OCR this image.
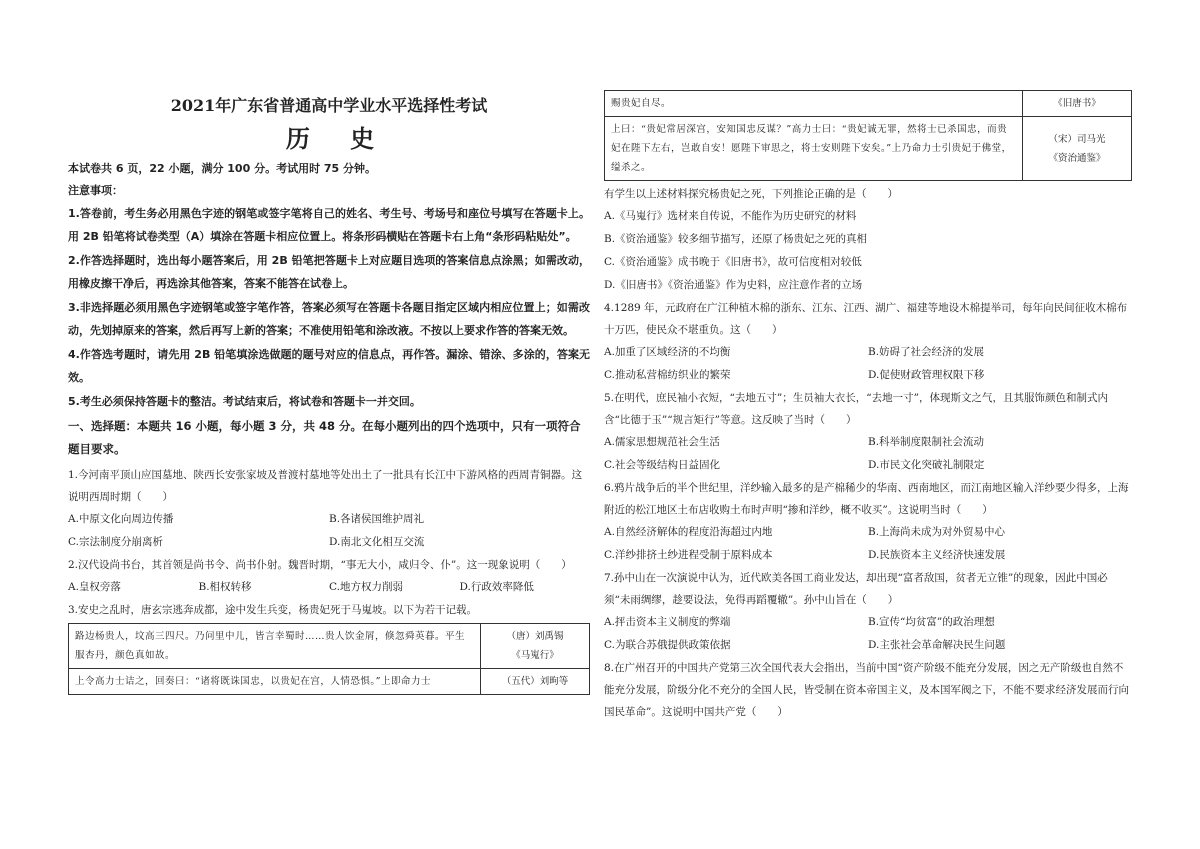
2021年广东省普通高中学业水平选择性考试
历 史

本试卷共 6 页，22 小题，满分 100 分。考试用时 75 分钟。

注意事项：

1.答卷前，考生务必用黑色字迹的钢笔或签字笔将自己的姓名、考生号、考场号和座位号填写在答题卡上。用 2B 铅笔将试卷类型（A）填涂在答题卡相应位置上。将条形码横贴在答题卡右上角“条形码粘贴处”。

2.作答选择题时，选出每小题答案后，用 2B 铅笔把答题卡上对应题目选项的答案信息点涂黑；如需改动，用橡皮擦干净后，再选涂其他答案，答案不能答在试卷上。

3.非选择题必须用黑色字迹钢笔或签字笔作答，答案必须写在答题卡各题目指定区域内相应位置上；如需改动，先划掉原来的答案，然后再写上新的答案；不准使用铅笔和涂改液。不按以上要求作答的答案无效。

4.作答选考题时，请先用 2B 铅笔填涂选做题的题号对应的信息点，再作答。漏涂、错涂、多涂的，答案无效。

5.考生必须保持答题卡的整洁。考试结束后，将试卷和答题卡一并交回。

一、选择题：本题共 16 小题，每小题 3 分，共 48 分。在每小题列出的四个选项中，只有一项符合题目要求。

1.今河南平顶山应国墓地、陕西长安张家坡及普渡村墓地等处出土了一批具有长江中下游风格的西周青铜器。这说明西周时期（　　）

A.中原文化向周边传播	B.各诸侯国维护周礼
C.宗法制度分崩离析	D.南北文化相互交流

2.汉代设尚书台，其首领是尚书令、尚书仆射。魏晋时期，“事无大小，咸归令、仆”。这一现象说明（　　）

A.皇权旁落	B.相权转移	C.地方权力削弱	D.行政效率降低

3.安史之乱时，唐玄宗逃奔成都，途中发生兵变，杨贵妃死于马嵬坡。以下为若干记载。

路边杨贵人，坟高三四尺。乃问里中儿，皆言幸蜀时……贵人饮金屑，倏忽舜英暮。平生服杏丹，颜色真如故。	（唐）刘禹锡
《马嵬行》

上令高力士诘之，回奏曰：“诸将既诛国忠，以贵妃在宫，人情恐惧。”上即命力士	（五代）刘昫等
赐贵妃自尽。	《旧唐书》

上曰：“贵妃常居深宫，安知国忠反谋？”高力士曰：“贵妃诚无罪，然将士已杀国忠，而贵妃在陛下左右，岂敢自安！愿陛下审思之，将士安则陛下安矣。”上乃命力士引贵妃于佛堂，缢杀之。	（宋）司马光
《资治通鉴》

有学生以上述材料探究杨贵妃之死，下列推论正确的是（　　）

A.《马嵬行》选材来自传说，不能作为历史研究的材料
B.《资治通鉴》较多细节描写，还原了杨贵妃之死的真相
C.《资治通鉴》成书晚于《旧唐书》，故可信度相对较低
D.《旧唐书》《资治通鉴》作为史料，应注意作者的立场

4.1289 年，元政府在广江种植木棉的浙东、江东、江西、湖广、福建等地设木棉提举司，每年向民间征收木棉布十万匹，使民众不堪重负。这（　　）

A.加重了区域经济的不均衡	B.妨碍了社会经济的发展
C.推动私营棉纺织业的繁荣	D.促使财政管理权限下移

5.在明代，庶民袖小衣短，“去地五寸”；生员袖大衣长，“去地一寸”，体现斯文之气，且其服饰颜色和制式内含“比德于玉”“规言矩行”等意。这反映了当时（　　）

A.儒家思想规范社会生活	B.科举制度限制社会流动
C.社会等级结构日益固化	D.市民文化突破礼制限定

6.鸦片战争后的半个世纪里，洋纱输入最多的是产棉稀少的华南、西南地区，而江南地区输入洋纱要少得多，上海附近的松江地区土布店收购土布时声明“掺和洋纱，概不收买”。这说明当时（　　）

A.自然经济解体的程度沿海超过内地	B.上海尚未成为对外贸易中心
C.洋纱排挤土纱进程受制于原料成本	D.民族资本主义经济快速发展

7.孙中山在一次演说中认为，近代欧美各国工商业发达，却出现“富者敌国，贫者无立锥”的现象，因此中国必须“未雨绸缪，趁要设法，免得再蹈覆辙”。孙中山旨在（　　）

A.抨击资本主义制度的弊端	B.宣传“均贫富”的政治理想
C.为联合苏俄提供政策依据	D.主张社会革命解决民生问题

8.在广州召开的中国共产党第三次全国代表大会指出，当前中国“资产阶级不能充分发展，因之无产阶级也自然不能充分发展，阶级分化不充分的全国人民，皆受制在资本帝国主义，及本国军阀之下，不能不要求经济发展而行向国民革命”。这说明中国共产党（　　）
